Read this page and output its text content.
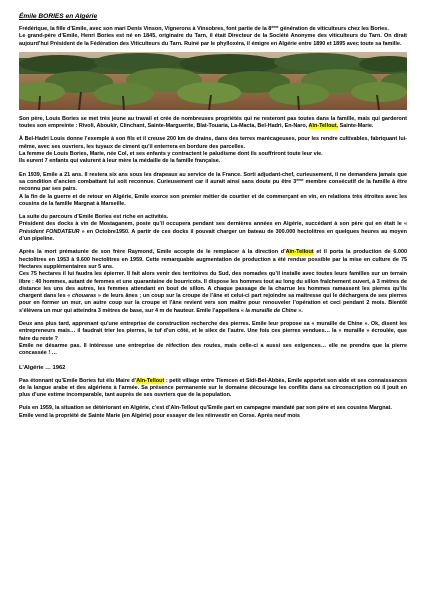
Émile BORIES en Algérie

Frédérique, la fille d’Emile, avec son mari Denis Vinson, Vignerons à Vinsobres, font partie de la 8ème génération de viticulteurs chez les Bories.

Le grand-père d’Emile, Henri Bories est né en 1845, originaire du Tarn, il était Directeur de la Société Anonyme des viticulteurs du Tarn. On dirait aujourd’hui Président de la Fédération des Viticulteurs du Tarn. Ruiné par le phylloxéra, il émigre en Algérie entre 1890 et 1895 avec toute sa famille.

Son père, Louis Bories se met très jeune au travail et crée de nombreuses propriétés qui ne resteront pas toutes dans la famille, mais qui garderont toutes son empreinte : Rivoli, Aboukir, Clinchant, Sainte-Marguerite, Blat-Touaria, La-Macta, Bel-Hadri, En-Naro, Aïn-Tellout, Sainte-Marie.

À Bel-Hadri Louis donne l’exemple à son fils et il creuse 200 km de drains, dans des terres marécageuses, pour les rendre cultivables, fabriquant lui-même, avec ses ouvriers, les tuyaux de ciment qu’il enterrera en bordure des parcelles.

La femme de Louis Bories, Marie, née Col, et ses enfants y contractent le paludisme dont ils souffriront toute leur vie.

Ils eurent 7 enfants qui valurent à leur mère la médaille de la famille française.

En 1939, Emile a 21 ans. Il restera six ans sous les drapeaux au service de la France. Sorti adjudant-chef, curieusement, il ne demandera jamais que sa condition d’ancien combattant lui soit reconnue. Curieusement car il aurait ainsi sans doute pu être 3ème membre consécutif de la famille à être reconnu par ses pairs.

A la fin de la guerre et de retour en Algérie, Emile exerce son premier métier de courtier et de commerçant en vin, en relations très étroites avec les cousins de la famille Margnat à Marseille.

La suite du parcours d’Emile Bories est riche en activités.

Président des docks à vin de Mostaganem, poste qu’il occupera pendant ses dernières années en Algérie, succédant à son père qui en était le « Président FONDATEUR » en Octobre1950. A partir de ces docks il pouvait charger un bateau de 300.000 hectolitres en quelques heures au moyen d’un pipeline.

Après la mort prématurée de son frère Raymond, Emile accepte de le remplacer à la direction d’Aïn-Tellout et il porta la production de 6.000 hectolitres en 1953 à 9.600 hectolitres en 1959. Cette remarquable augmentation de production a été rendue possible par la mise en culture de 75 Hectares supplémentaires sur 5 ans.

Ces 75 hectares il lui faudra les épierrer. Il fait alors venir des territoires du Sud, des nomades qu’il installe avec toutes leurs familles sur un terrain libre : 40 hommes, autant de femmes et une quarantaine de bourricots. Il dispose les hommes tout au long du sillon fraîchement ouvert, à 3 mètres de distance les uns des autres, les femmes attendant en bout de sillon. A chaque passage de la charrue les hommes ramassent les pierres qu’ils chargent dans les « chouaras » de leurs ânes ; un coup sur la croupe de l’âne et celui-ci part rejoindre sa maîtresse qui le déchargera de ses pierres pour en former un mur, un autre coup sur la croupe et l’âne revient vers son maître pour renouveler l’opération et ceci pendant 2 mois. Bientôt s’élèvera un mur qui atteindra 3 mètres de base, sur 4 m de hauteur. Emile l’appellera « la muraille de Chine ».

Deux ans plus tard, apprenant qu’une entreprise de construction recherche des pierres. Emile leur propose sa « muraille de Chine ». Ok, disent les entrepreneurs mais… il faudrait trier les pierres, le tuf d’un côté, et le silex de l’autre. Une fois ces pierres vendues… la « muraille » écroulée, que faire du reste ?

Emile ne désarme pas. Il intéresse une entreprise de réfection des routes, mais celle-ci a aussi ses exigences… elle ne prendra que la pierre concassée ! …

L’Algérie … 1962

Pas étonnant qu’Emile Bories fut élu Maire d’Aïn-Tellout : petit village entre Tlemcen et Sidi-Bel-Abbès, Emile apportet son aide et ses connaissances de la langue arabe et des algériens à l’armée. Sa présence permanente sur le domaine décourage les conflits dans sa circonscription où il jouit en plus d’une estime incomparable, tant auprès de ses ouvriers que de la population.

Puis en 1959, la situation se détériorant en Algérie, c’est d’Aïn-Tellout qu’Emile part en campagne mandaté par son père et ses cousins Margnat.

Emile vend la propriété de Sainte Marie (en Algérie) pour essayer de les réinvestir en Corse. Après neuf mois
